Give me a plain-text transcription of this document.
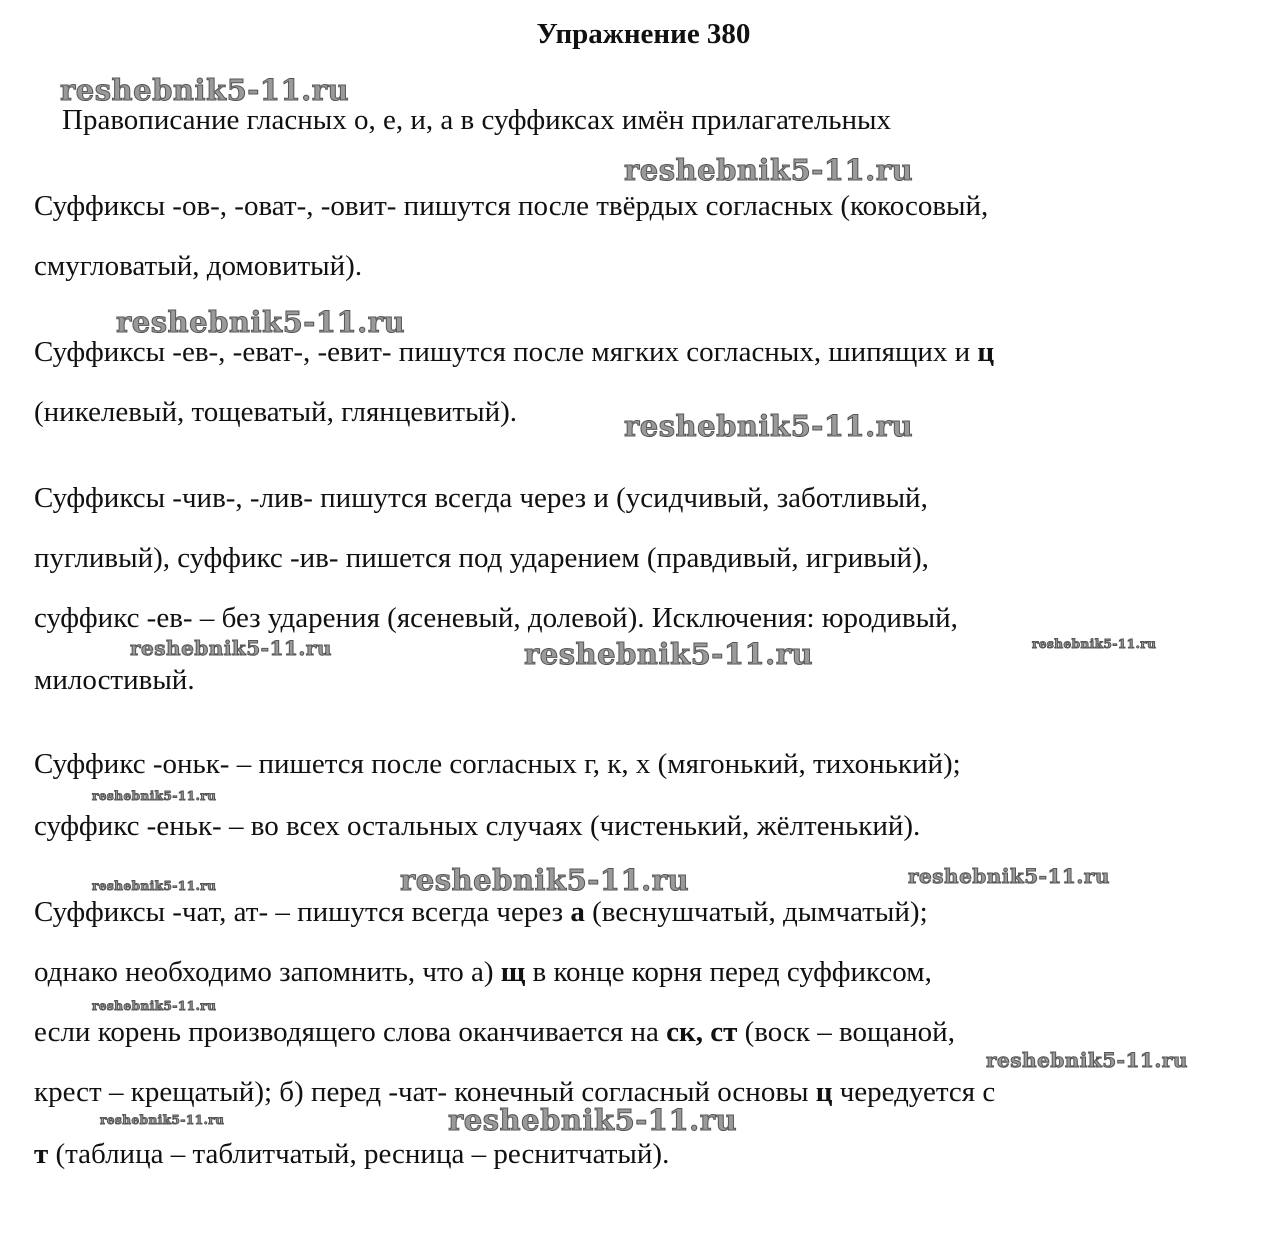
Упражнение 380
Правописание гласных о, е, и, а в суффиксах имён прилагательных
Суффиксы -ов-, -оват-, -овит- пишутся после твёрдых согласных (кокосовый,
смугловатый, домовитый).
Суффиксы -ев-, -еват-, -евит- пишутся после мягких согласных, шипящих и ц
(никелевый, тощеватый, глянцевитый).
Суффиксы -чив-, -лив- пишутся всегда через и (усидчивый, заботливый,
пугливый), суффикс -ив- пишется под ударением (правдивый, игривый),
суффикс -ев- – без ударения (ясеневый, долевой). Исключения: юродивый,
милостивый.
Суффикс -оньк- – пишется после согласных г, к, х (мягонький, тихонький);
суффикс -еньк- – во всех остальных случаях (чистенький, жёлтенький).
Суффиксы -чат, ат- – пишутся всегда через а (веснушчатый, дымчатый);
однако необходимо запомнить, что а) щ в конце корня перед суффиксом,
если корень производящего слова оканчивается на ск, ст (воск – вощаной,
крест – крещатый); б) перед -чат- конечный согласный основы ц чередуется с
т (таблица – таблитчатый, ресница – реснитчатый).
reshebnik5-11.ru
reshebnik5-11.ru
reshebnik5-11.ru
reshebnik5-11.ru
reshebnik5-11.ru	reshebnik5-11.ru	reshebnik5-11.ru
reshebnik5-11.ru
reshebnik5-11.ru	reshebnik5-11.ru	reshebnik5-11.ru
reshebnik5-11.ru
reshebnik5-11.ru
reshebnik5-11.ru	reshebnik5-11.ru
